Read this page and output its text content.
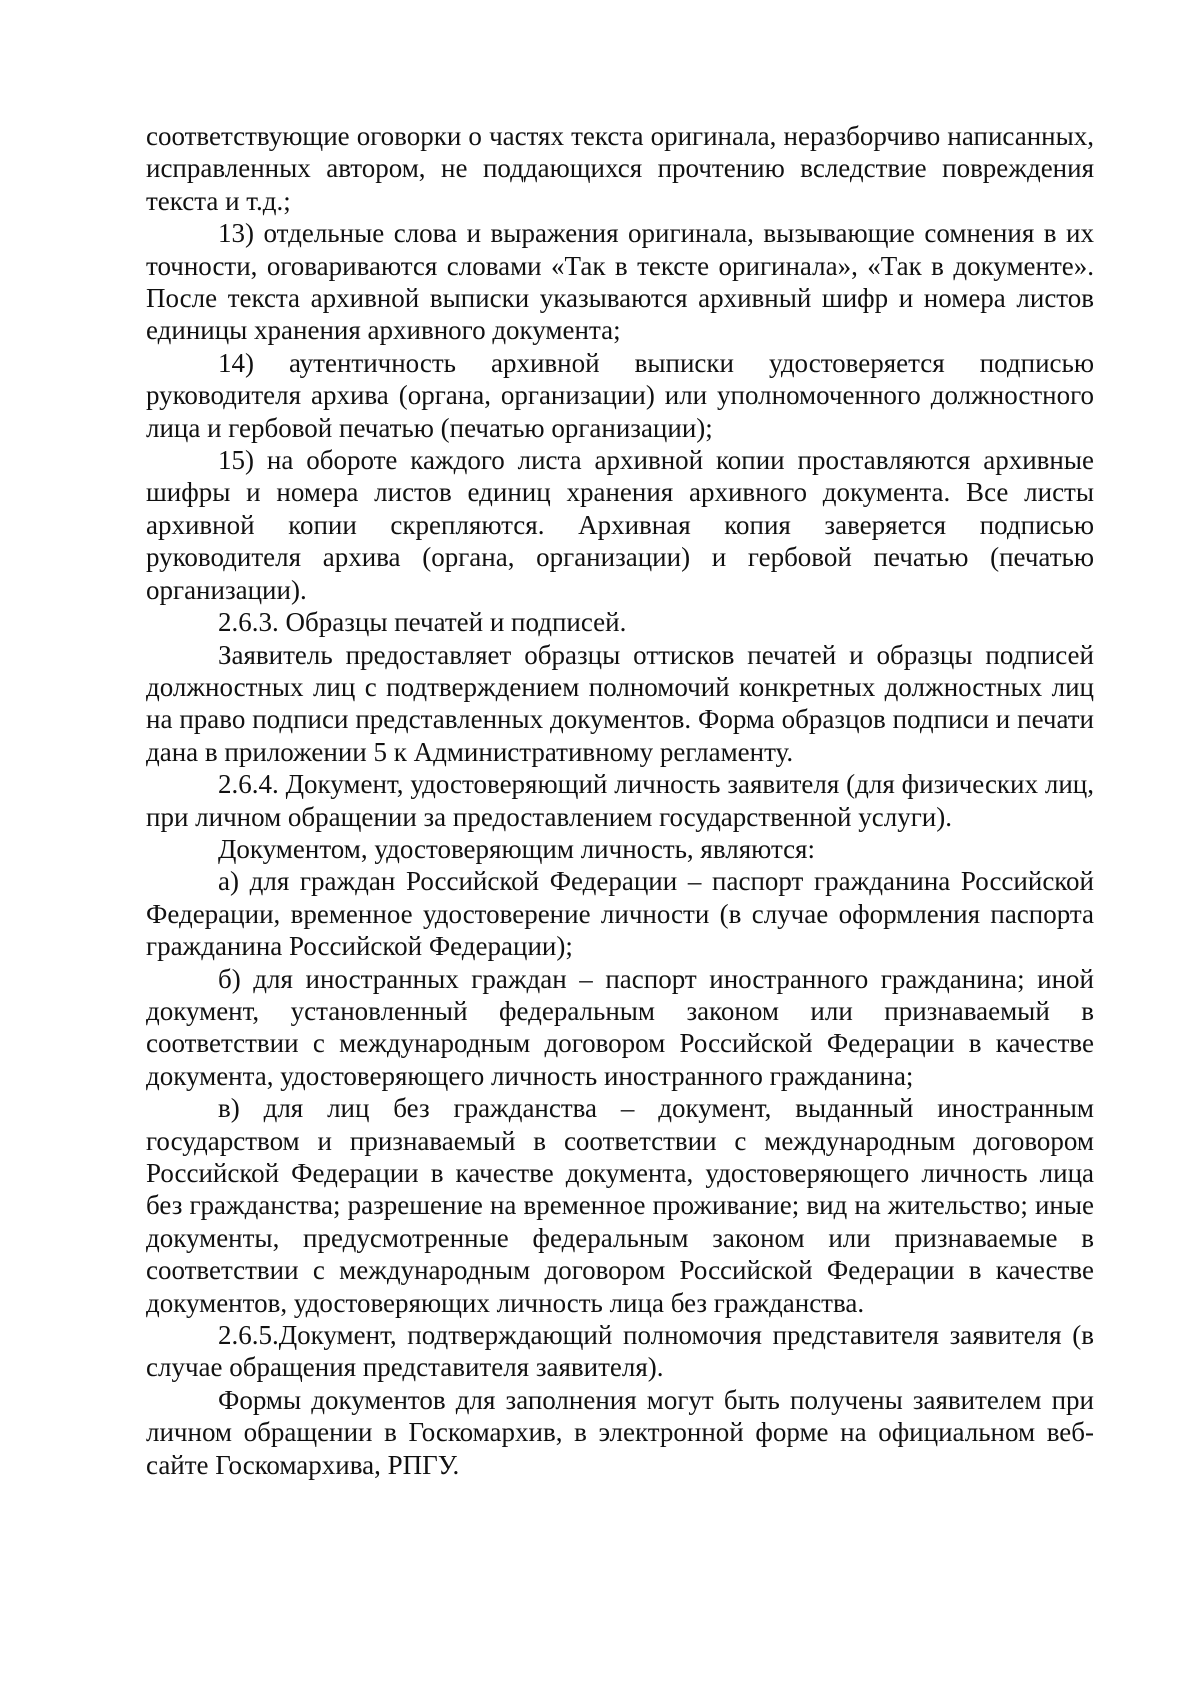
соответствующие оговорки о частях текста оригинала, неразборчиво написанных, исправленных автором, не поддающихся прочтению вследствие повреждения текста и т.д.;

13) отдельные слова и выражения оригинала, вызывающие сомнения в их точности, оговариваются словами «Так в тексте оригинала», «Так в документе». После текста архивной выписки указываются архивный шифр и номера листов единицы хранения архивного документа;

14) аутентичность архивной выписки удостоверяется подписью руководителя архива (органа, организации) или уполномоченного должностного лица и гербовой печатью (печатью организации);

15) на обороте каждого листа архивной копии проставляются архивные шифры и номера листов единиц хранения архивного документа. Все листы архивной копии скрепляются. Архивная копия заверяется подписью руководителя архива (органа, организации) и гербовой печатью (печатью организации).

2.6.3. Образцы печатей и подписей.

Заявитель предоставляет образцы оттисков печатей и образцы подписей должностных лиц с подтверждением полномочий конкретных должностных лиц на право подписи представленных документов. Форма образцов подписи и печати дана в приложении 5 к Административному регламенту.

2.6.4. Документ, удостоверяющий личность заявителя (для физических лиц, при личном обращении за предоставлением государственной услуги).

Документом, удостоверяющим личность, являются:

а) для граждан Российской Федерации – паспорт гражданина Российской Федерации, временное удостоверение личности (в случае оформления паспорта гражданина Российской Федерации);

б) для иностранных граждан – паспорт иностранного гражданина; иной документ, установленный федеральным законом или признаваемый в соответствии с международным договором Российской Федерации в качестве документа, удостоверяющего личность иностранного гражданина;

в) для лиц без гражданства – документ, выданный иностранным государством и признаваемый в соответствии с международным договором Российской Федерации в качестве документа, удостоверяющего личность лица без гражданства; разрешение на временное проживание; вид на жительство; иные документы, предусмотренные федеральным законом или признаваемые в соответствии с международным договором Российской Федерации в качестве документов, удостоверяющих личность лица без гражданства.

2.6.5.Документ, подтверждающий полномочия представителя заявителя (в случае обращения представителя заявителя).

Формы документов для заполнения могут быть получены заявителем при личном обращении в Госкомархив, в электронной форме на официальном веб-сайте Госкомархива, РПГУ.
